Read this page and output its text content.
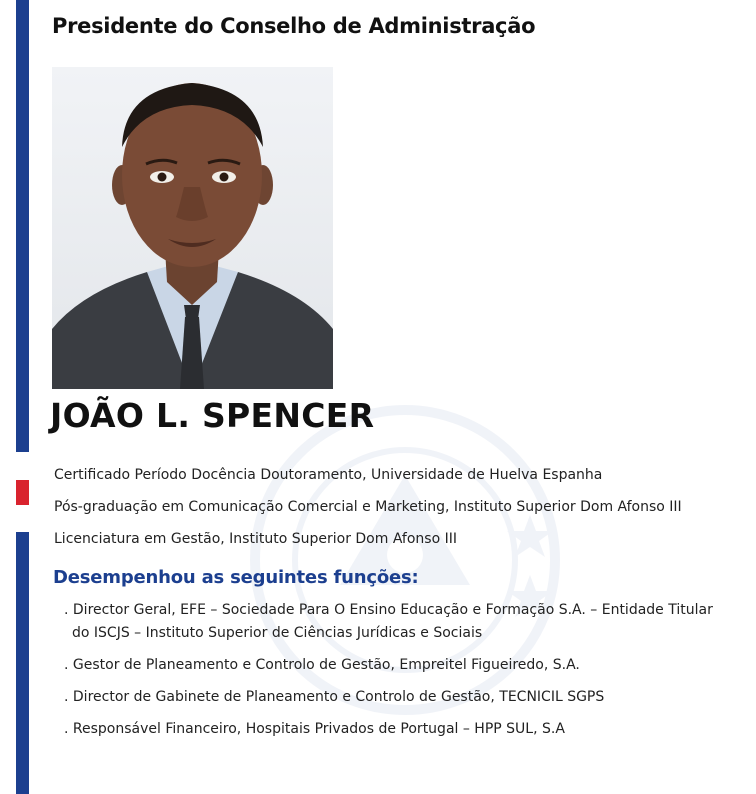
Presidente do Conselho de Administração
JOÃO L. SPENCER

Certificado Período Docência Doutoramento, Universidade de Huelva Espanha

Pós-graduação em Comunicação Comercial e Marketing, Instituto Superior Dom Afonso III

Licenciatura em Gestão, Instituto Superior Dom Afonso III

Desempenhou as seguintes funções:

. Director Geral, EFE – Sociedade Para O Ensino Educação e Formação S.A. – Entidade Titular
do ISCJS – Instituto Superior de Ciências Jurídicas e Sociais

. Gestor de Planeamento e Controlo de Gestão, Empreitel Figueiredo, S.A.

. Director de Gabinete de Planeamento e Controlo de Gestão, TECNICIL SGPS

. Responsável Financeiro, Hospitais Privados de Portugal – HPP SUL, S.A
